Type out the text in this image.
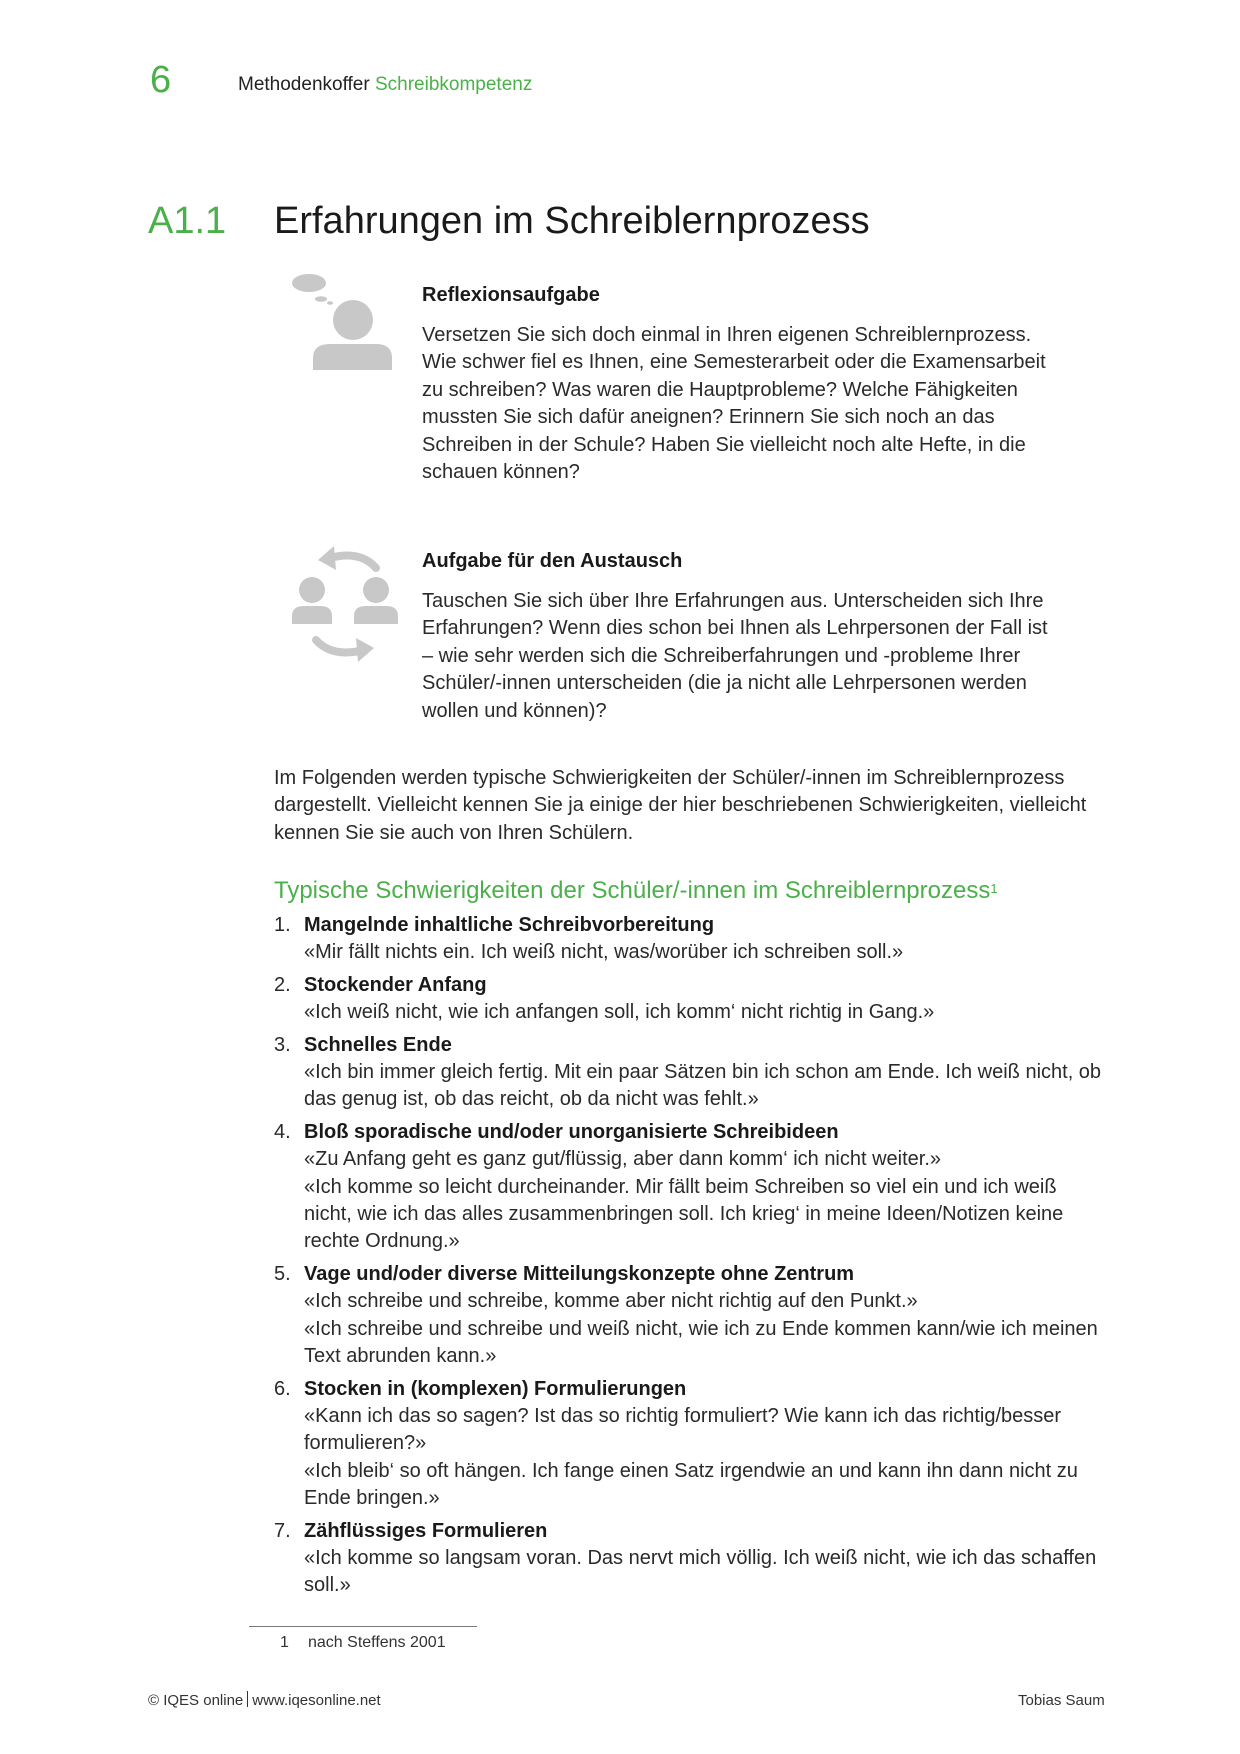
6	Methodenkoffer Schreibkompetenz
A1.1 Erfahrungen im Schreiblernprozess
Reflexionsaufgabe
Versetzen Sie sich doch einmal in Ihren eigenen Schreiblernprozess. Wie schwer fiel es Ihnen, eine Semesterarbeit oder die Examensarbeit zu schreiben? Was waren die Hauptprobleme? Welche Fähigkeiten mussten Sie sich dafür aneignen? Erinnern Sie sich noch an das Schreiben in der Schule? Haben Sie vielleicht noch alte Hefte, in die schauen können?
Aufgabe für den Austausch
Tauschen Sie sich über Ihre Erfahrungen aus. Unterscheiden sich Ihre Erfahrungen? Wenn dies schon bei Ihnen als Lehrpersonen der Fall ist – wie sehr werden sich die Schreiberfahrungen und -probleme Ihrer Schüler/-innen unterscheiden (die ja nicht alle Lehrpersonen werden wollen und können)?
Im Folgenden werden typische Schwierigkeiten der Schüler/-innen im Schreiblernprozess dargestellt. Vielleicht kennen Sie ja einige der hier beschriebenen Schwierigkeiten, vielleicht kennen Sie sie auch von Ihren Schülern.
Typische Schwierigkeiten der Schüler/-innen im Schreiblernprozess$^1$
1. Mangelnde inhaltliche Schreibvorbereitung
«Mir fällt nichts ein. Ich weiß nicht, was/worüber ich schreiben soll.»
2. Stockender Anfang
«Ich weiß nicht, wie ich anfangen soll, ich komm‘ nicht richtig in Gang.»
3. Schnelles Ende
«Ich bin immer gleich fertig. Mit ein paar Sätzen bin ich schon am Ende. Ich weiß nicht, ob das genug ist, ob das reicht, ob da nicht was fehlt.»
4. Bloß sporadische und/oder unorganisierte Schreibideen
«Zu Anfang geht es ganz gut/flüssig, aber dann komm‘ ich nicht weiter.»
«Ich komme so leicht durcheinander. Mir fällt beim Schreiben so viel ein und ich weiß nicht, wie ich das alles zusammenbringen soll. Ich krieg‘ in meine Ideen/Notizen keine rechte Ordnung.»
5. Vage und/oder diverse Mitteilungskonzepte ohne Zentrum
«Ich schreibe und schreibe, komme aber nicht richtig auf den Punkt.»
«Ich schreibe und schreibe und weiß nicht, wie ich zu Ende kommen kann/wie ich meinen Text abrunden kann.»
6. Stocken in (komplexen) Formulierungen
«Kann ich das so sagen? Ist das so richtig formuliert? Wie kann ich das richtig/besser formulieren?»
«Ich bleib‘ so oft hängen. Ich fange einen Satz irgendwie an und kann ihn dann nicht zu Ende bringen.»
7. Zähflüssiges Formulieren
«Ich komme so langsam voran. Das nervt mich völlig. Ich weiß nicht, wie ich das schaffen soll.»
1 nach Steffens 2001
© IQES online www.iqesonline.net	Tobias Saum
